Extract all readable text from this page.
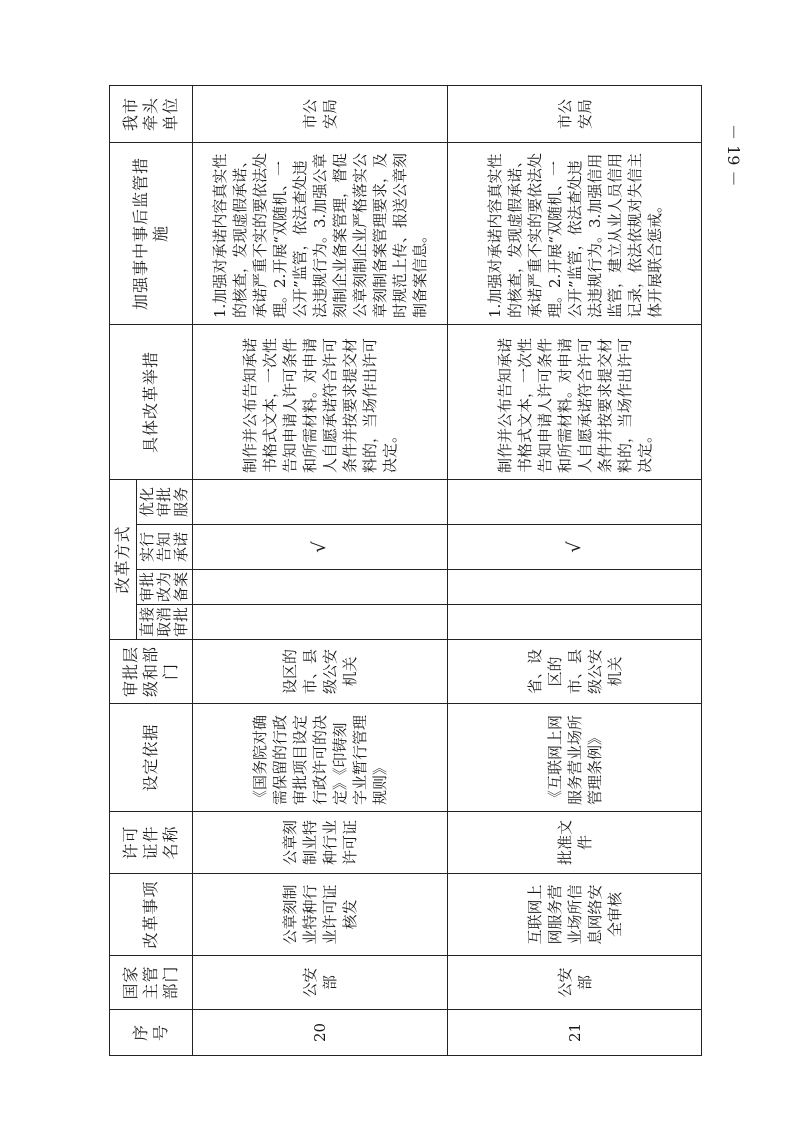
序号	国家主管部门	改革事项	许可证件名称	设定依据	审批层级和部门	改革方式				具体改革举措	加强事中事后监管措施	我市牵头单位
						直接取消审批	审批改为备案	实行告知承诺	优化审批服务			
20	公安部	公章刻制业特种行业许可证核发	公章刻制业特种行业许可证	《国务院对确需保留的行政审批项目设定行政许可的决定》《印铸刻字业暂行管理规则》	设区的市、县级公安机关			√		制作并公布告知承诺书格式文本，一次性告知申请人许可条件和所需材料。对申请人自愿承诺符合许可条件并按要求提交材料的，当场作出许可决定。	1.加强对承诺内容真实性的核查，发现虚假承诺、承诺严重不实的要依法处理。2.开展“双随机、一公开”监管，依法查处违法违规行为。3.加强公章刻制企业备案管理，督促公章刻制企业严格落实公章刻制备案管理要求，及时规范上传、报送公章刻制备案信息。	市公安局
21	公安部	互联网上网服务营业场所信息网络安全审核	批准文件	《互联网上网服务营业场所管理条例》	省、设区的市、县级公安机关			√		制作并公布告知承诺书格式文本，一次性告知申请人许可条件和所需材料。对申请人自愿承诺符合许可条件并按要求提交材料的，当场作出许可决定。	1.加强对承诺内容真实性的核查，发现虚假承诺、承诺严重不实的要依法处理。2.开展“双随机、一公开”监管，依法查处违法违规行为。3.加强信用监管，建立从业人员信用记录，依法依规对失信主体开展联合惩戒。	市公安局
－ 19 －
